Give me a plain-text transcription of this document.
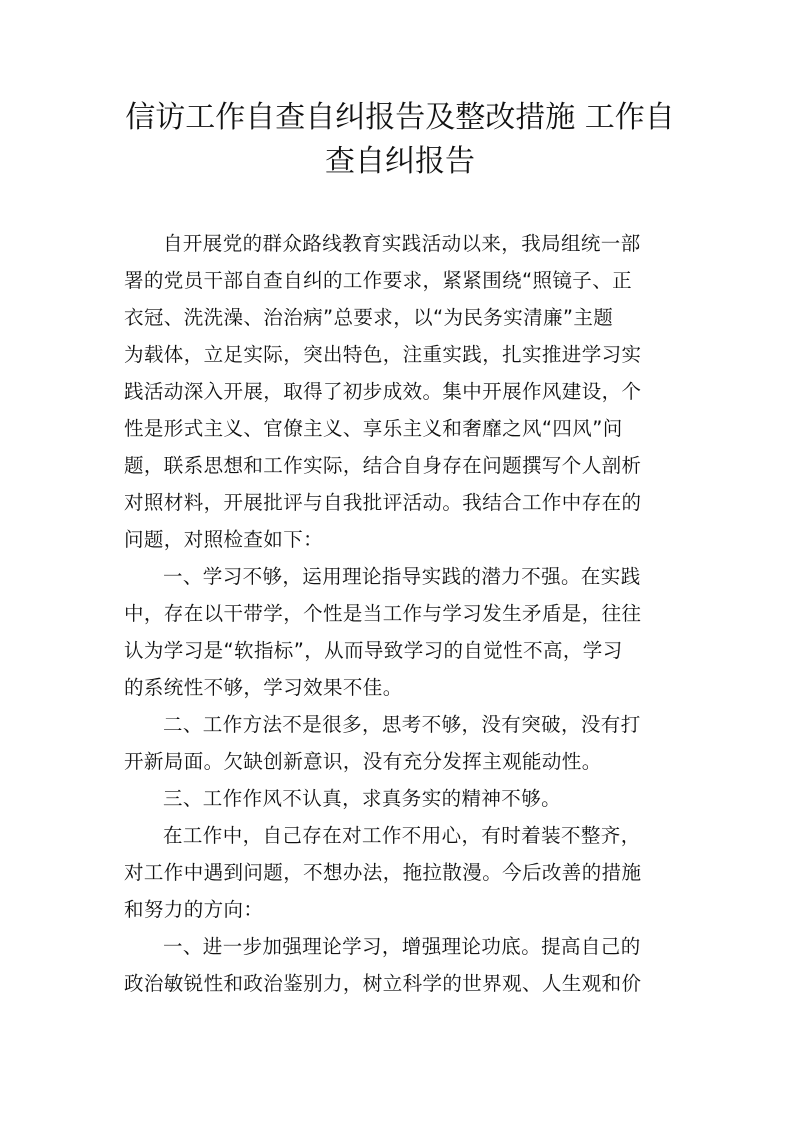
信访工作自查自纠报告及整改措施 工作自
查自纠报告

自开展党的群众路线教育实践活动以来，我局组统一部

署的党员干部自查自纠的工作要求，紧紧围绕“照镜子、正

衣冠、洗洗澡、治治病”总要求，以“为民务实清廉”主题

为载体，立足实际，突出特色，注重实践，扎实推进学习实

践活动深入开展，取得了初步成效。集中开展作风建设，个

性是形式主义、官僚主义、享乐主义和奢靡之风“四风”问

题，联系思想和工作实际，结合自身存在问题撰写个人剖析

对照材料，开展批评与自我批评活动。我结合工作中存在的

问题，对照检查如下：

一、学习不够，运用理论指导实践的潜力不强。在实践

中，存在以干带学，个性是当工作与学习发生矛盾是，往往

认为学习是“软指标”，从而导致学习的自觉性不高，学习

的系统性不够，学习效果不佳。

二、工作方法不是很多，思考不够，没有突破，没有打

开新局面。欠缺创新意识，没有充分发挥主观能动性。

三、工作作风不认真，求真务实的精神不够。

在工作中，自己存在对工作不用心，有时着装不整齐，

对工作中遇到问题，不想办法，拖拉散漫。今后改善的措施

和努力的方向：

一、进一步加强理论学习，增强理论功底。提高自己的

政治敏锐性和政治鉴别力，树立科学的世界观、人生观和价
